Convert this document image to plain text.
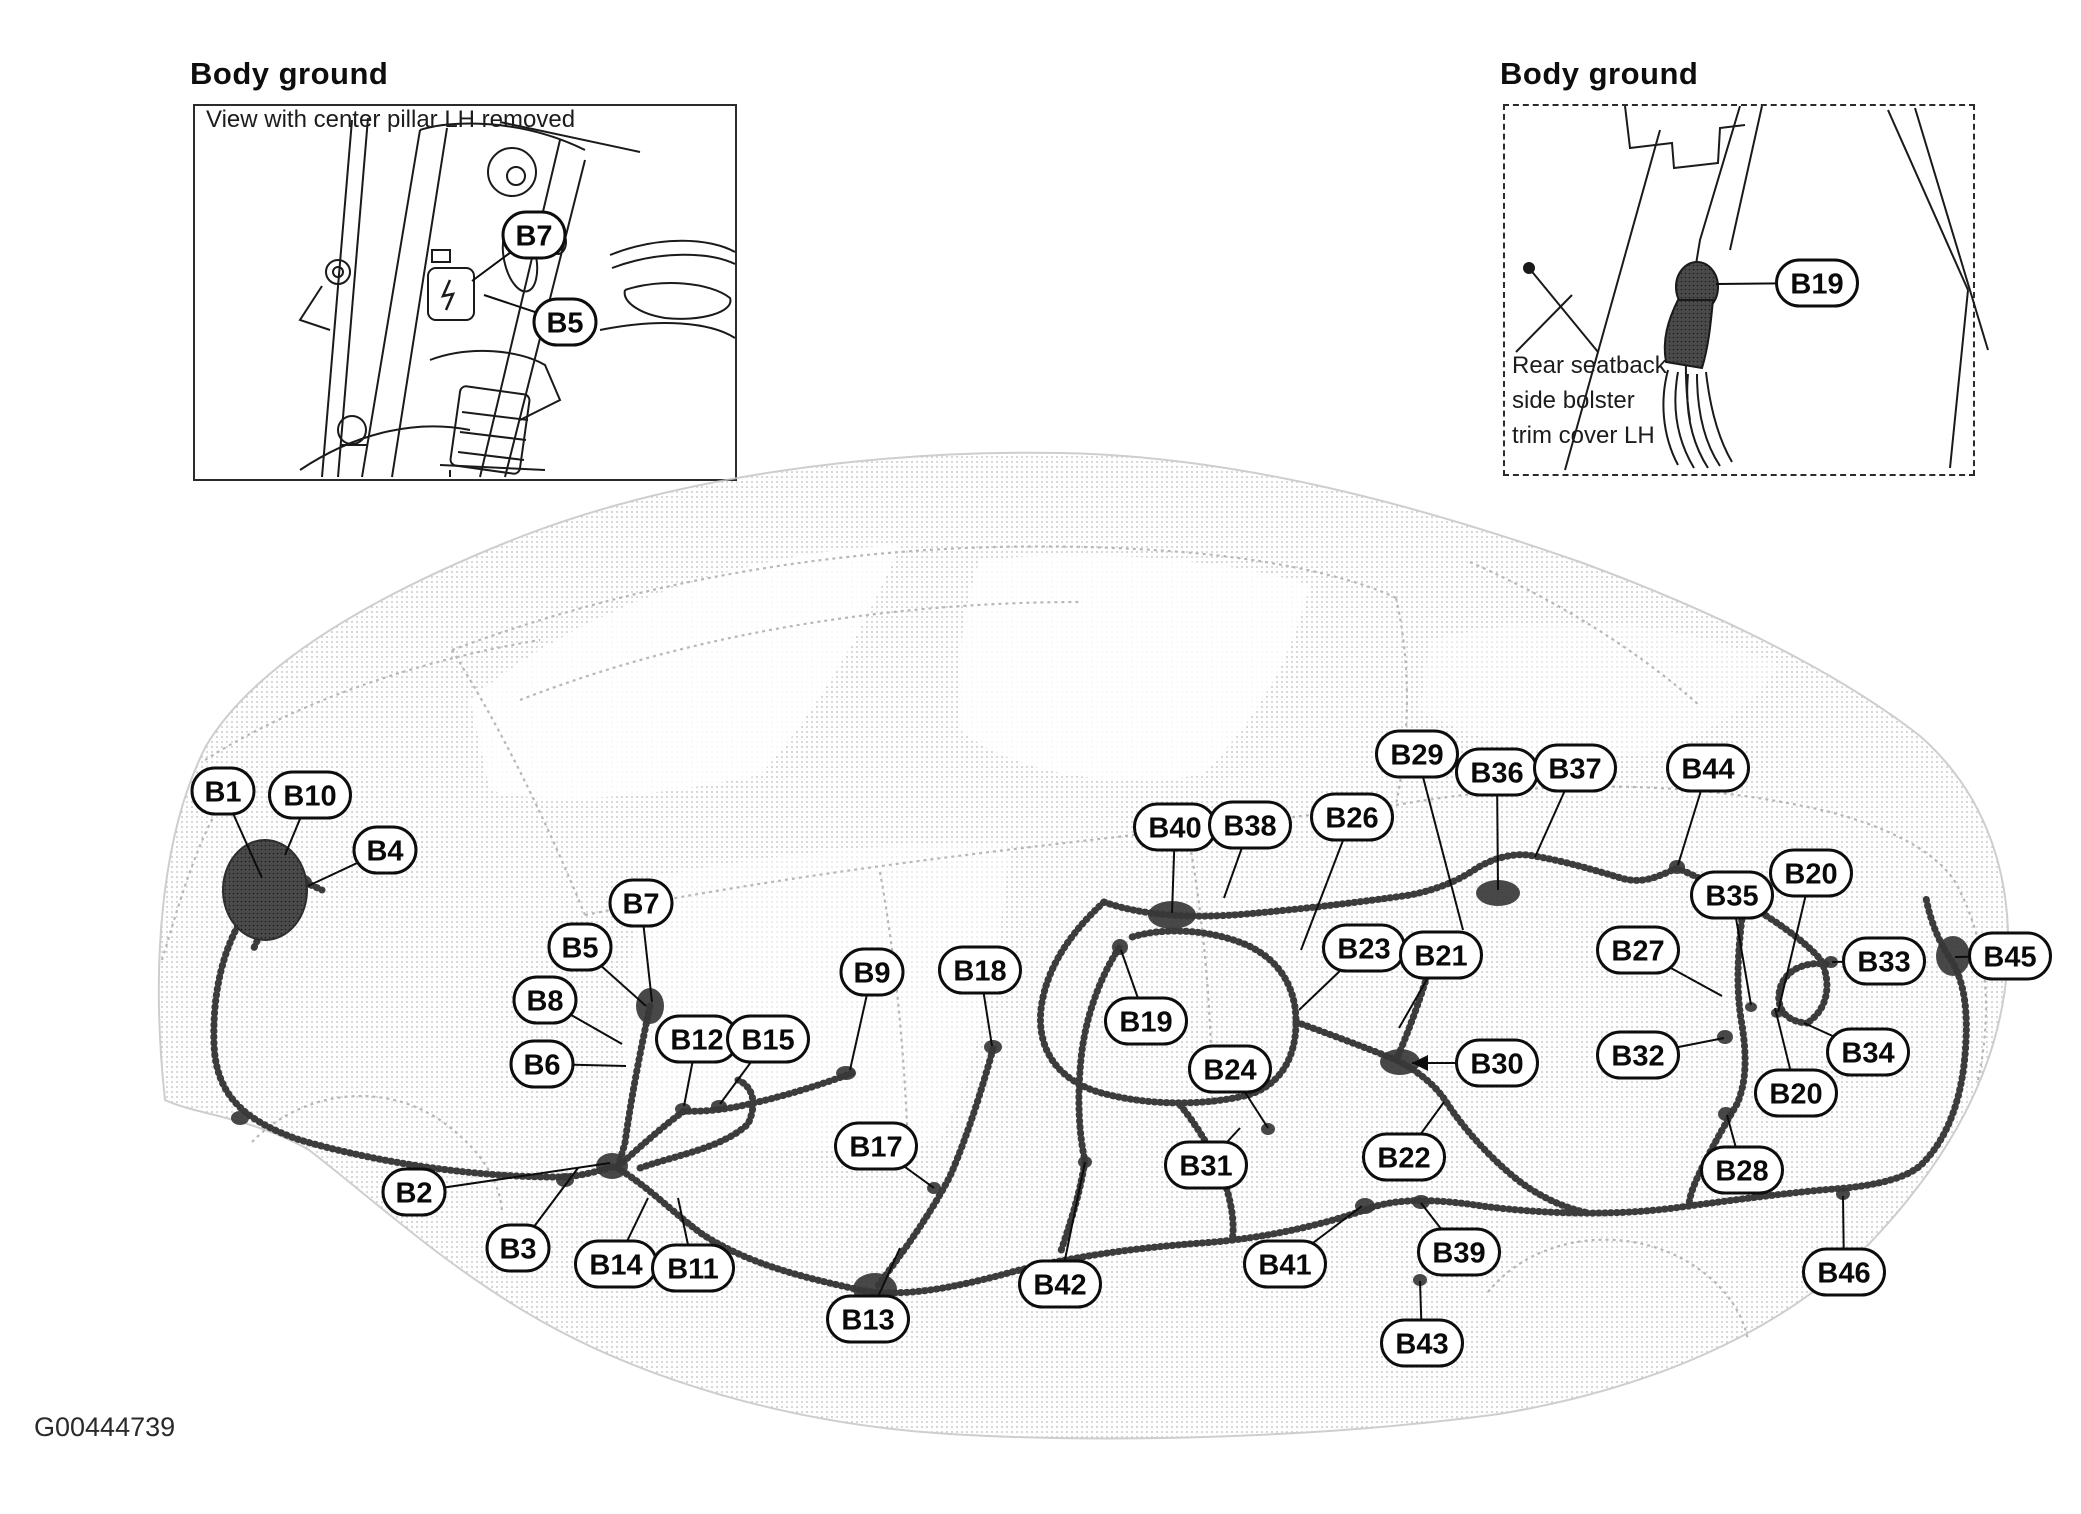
B1 B10
B4
B7
B5
B8
B6
B12 B15
B9 B18
B2
B3 B14 B11
B17
B13
B40 B38 B26
B19
B24
B23 B21
B29
B36 B37	B44
B27
B35
B20
B33	B45
B34
B32
B20
B30
B22	B28
B31
B42
B41	B39
B43
B46
B7
B5
B19
Body ground
View with center pillar LH removed
Body ground
Rear seatback
side bolster
trim cover LH
G00444739
